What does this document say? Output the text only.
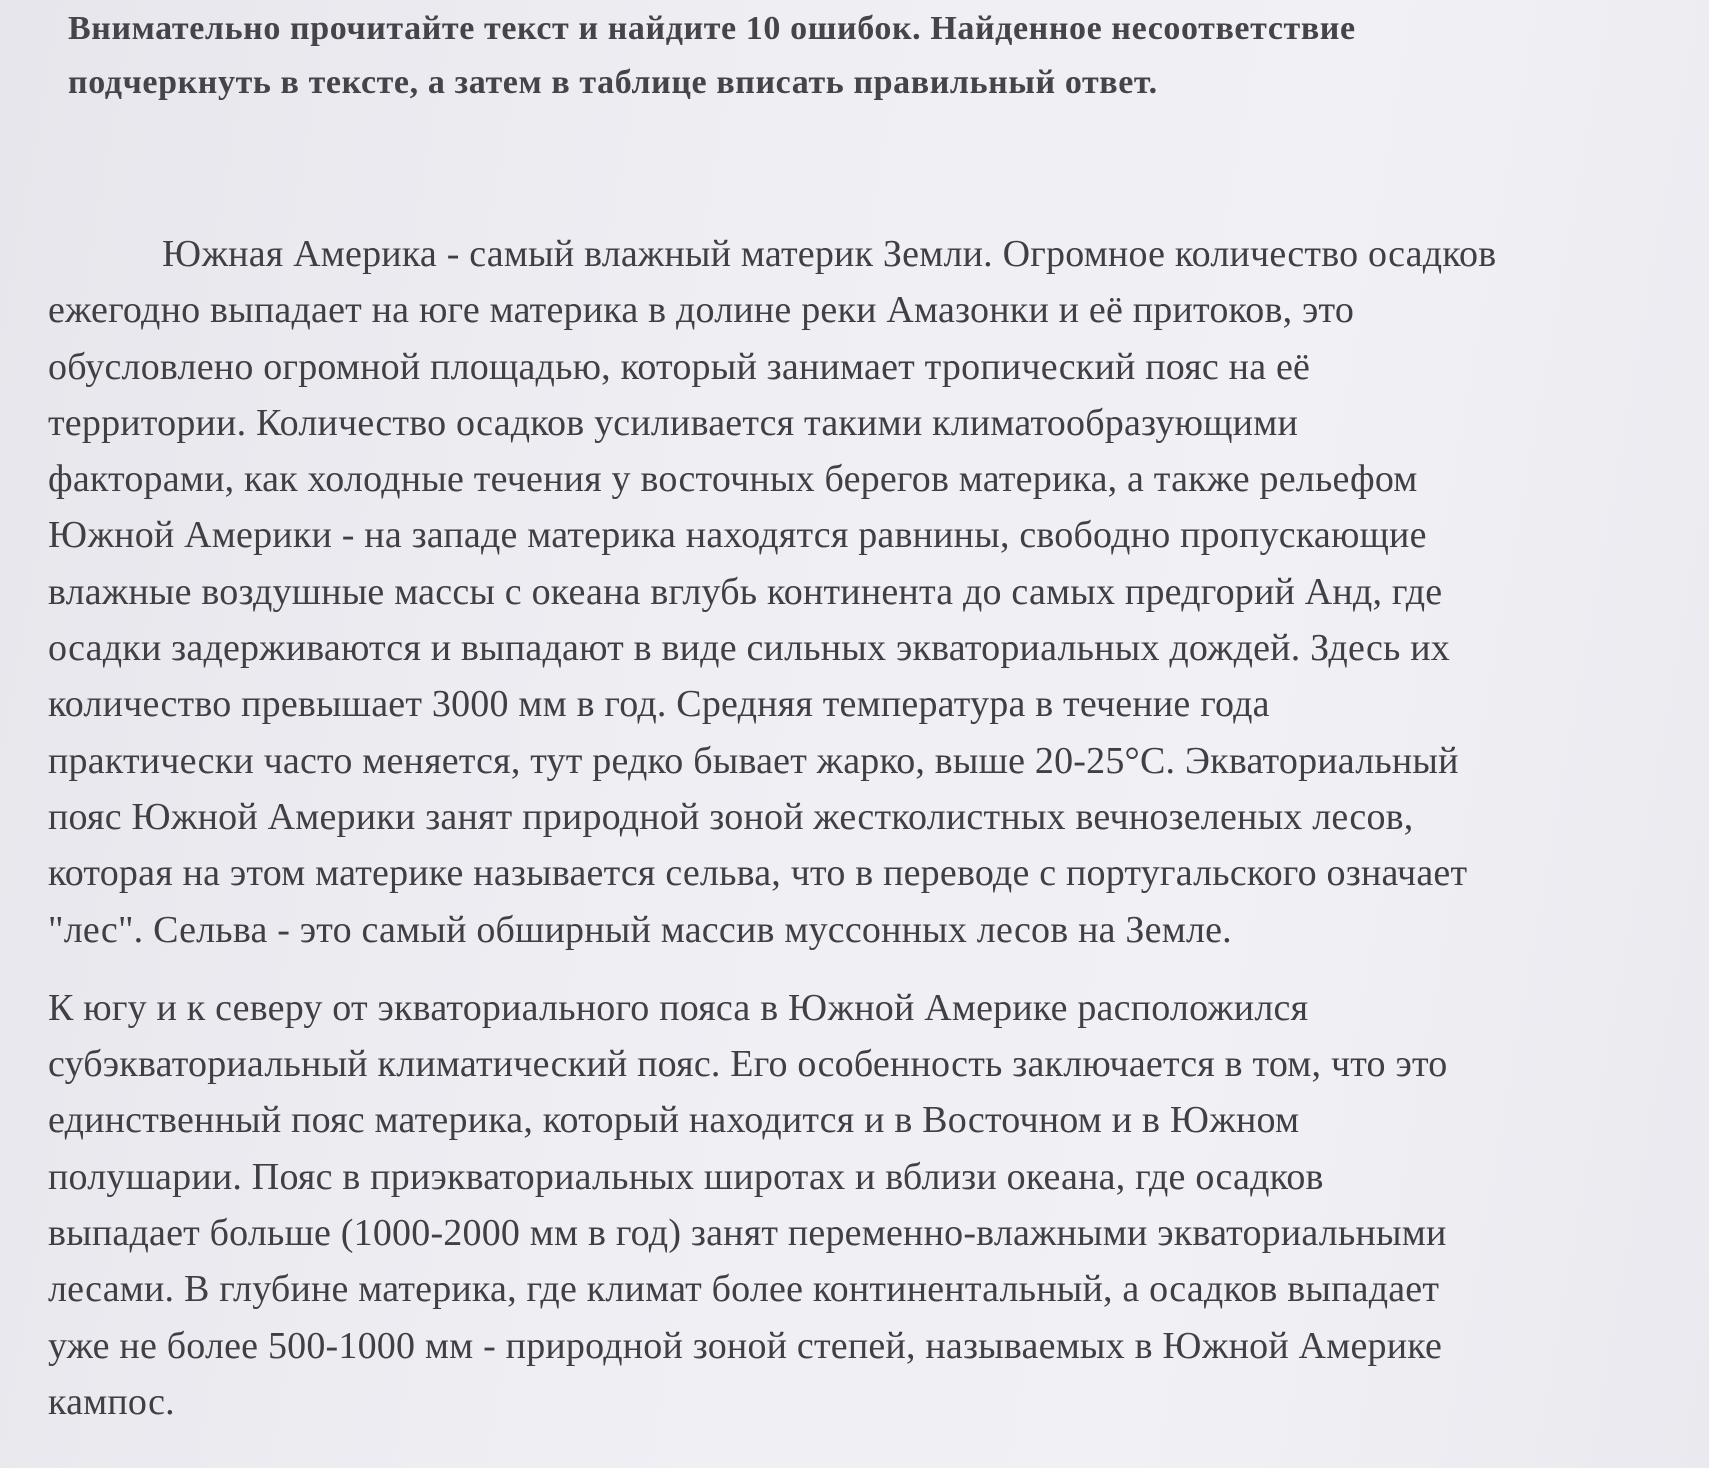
Внимательно прочитайте текст и найдите 10 ошибок. Найденное несоответствие
подчеркнуть в тексте, а затем в таблице вписать правильный ответ.
Южная Америка - самый влажный материк Земли. Огромное количество осадков
ежегодно выпадает на юге материка в долине реки Амазонки и её притоков, это
обусловлено огромной площадью, который занимает тропический пояс на её
территории. Количество осадков усиливается такими климатообразующими
факторами, как холодные течения у восточных берегов материка, а также рельефом
Южной Америки - на западе материка находятся равнины, свободно пропускающие
влажные воздушные массы с океана вглубь континента до самых предгорий Анд, где
осадки задерживаются и выпадают в виде сильных экваториальных дождей. Здесь их
количество превышает 3000 мм в год. Средняя температура в течение года
практически часто меняется, тут редко бывает жарко, выше 20-25°С. Экваториальный
пояс Южной Америки занят природной зоной жестколистных вечнозеленых лесов,
которая на этом материке называется сельва, что в переводе с португальского означает
"лес". Сельва - это самый обширный массив муссонных лесов на Земле.
К югу и к северу от экваториального пояса в Южной Америке расположился
субэкваториальный климатический пояс. Его особенность заключается в том, что это
единственный пояс материка, который находится и в Восточном и в Южном
полушарии. Пояс в приэкваториальных широтах и вблизи океана, где осадков
выпадает больше (1000-2000 мм в год) занят переменно-влажными экваториальными
лесами. В глубине материка, где климат более континентальный, а осадков выпадает
уже не более 500-1000 мм - природной зоной степей, называемых в Южной Америке
кампос.
